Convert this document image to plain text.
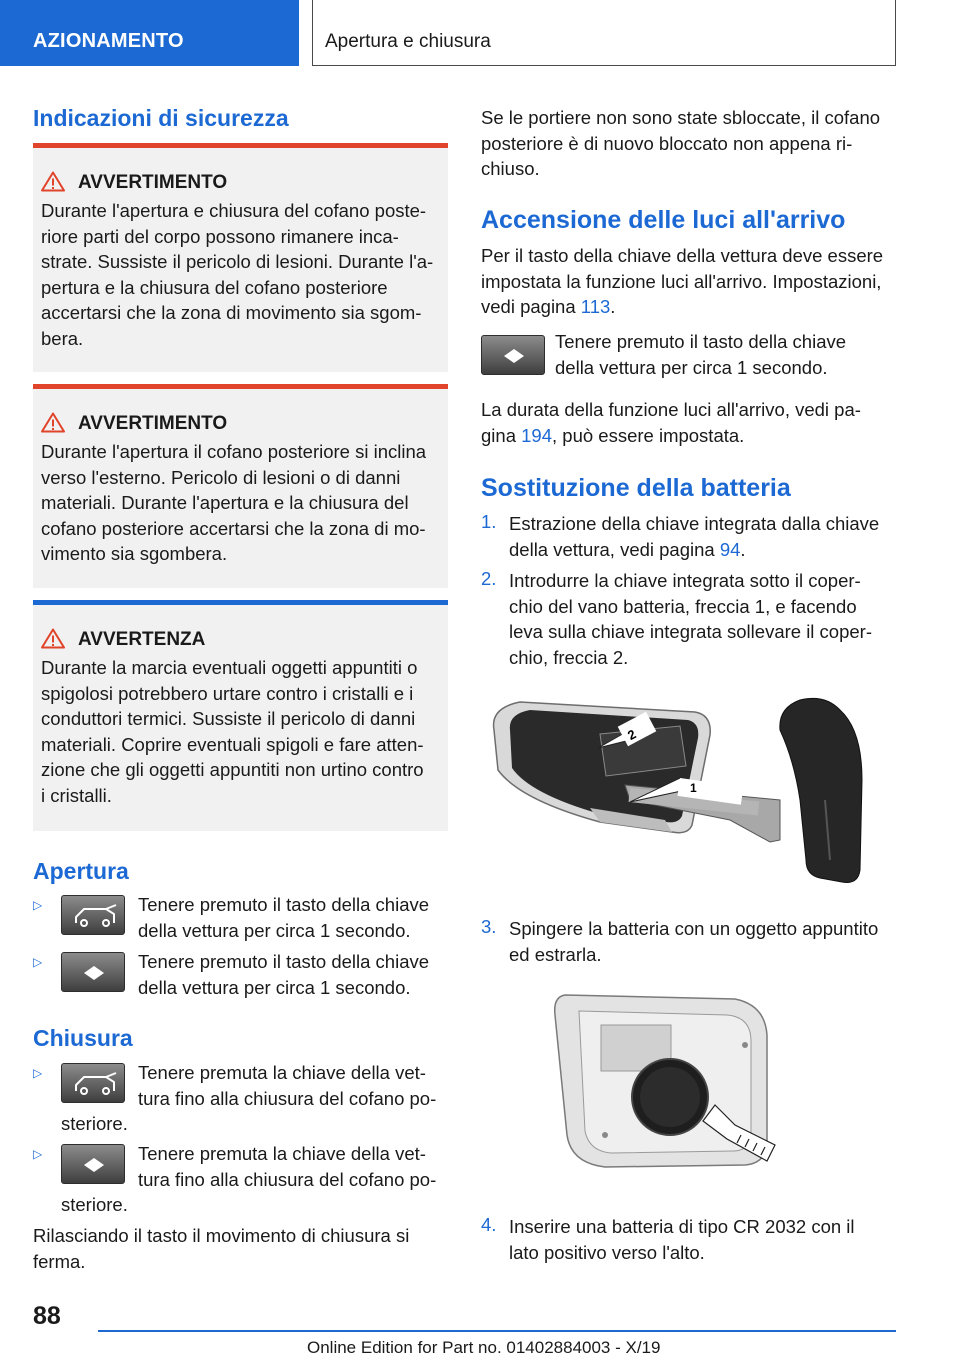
AZIONAMENTO	Apertura e chiusura
Indicazioni di sicurezza
AVVERTIMENTO
Durante l'apertura e chiusura del cofano poste-
riore parti del corpo possono rimanere inca-
strate. Sussiste il pericolo di lesioni. Durante l'a-
pertura e la chiusura del cofano posteriore
accertarsi che la zona di movimento sia sgom-
bera.
AVVERTIMENTO
Durante l'apertura il cofano posteriore si inclina
verso l'esterno. Pericolo di lesioni o di danni
materiali. Durante l'apertura e la chiusura del
cofano posteriore accertarsi che la zona di mo-
vimento sia sgombera.
AVVERTENZA
Durante la marcia eventuali oggetti appuntiti o
spigolosi potrebbero urtare contro i cristalli e i
conduttori termici. Sussiste il pericolo di danni
materiali. Coprire eventuali spigoli e fare atten-
zione che gli oggetti appuntiti non urtino contro
i cristalli.
Apertura
▷	Tenere premuto il tasto della chiave
della vettura per circa 1 secondo.
▷	Tenere premuto il tasto della chiave
della vettura per circa 1 secondo.
Chiusura
▷	Tenere premuta la chiave della vet-
tura fino alla chiusura del cofano po-
steriore.
▷	Tenere premuta la chiave della vet-
tura fino alla chiusura del cofano po-
steriore.
Rilasciando il tasto il movimento di chiusura si
ferma.
Se le portiere non sono state sbloccate, il cofano
posteriore è di nuovo bloccato non appena ri-
chiuso.
Accensione delle luci all'arrivo
Per il tasto della chiave della vettura deve essere
impostata la funzione luci all'arrivo. Impostazioni,
vedi pagina 113.
Tenere premuto il tasto della chiave
della vettura per circa 1 secondo.
La durata della funzione luci all'arrivo, vedi pa-
gina 194, può essere impostata.
Sostituzione della batteria
1. Estrazione della chiave integrata dalla chiave
della vettura, vedi pagina 94.
2. Introdurre la chiave integrata sotto il coper-
chio del vano batteria, freccia 1, e facendo
leva sulla chiave integrata sollevare il coper-
chio, freccia 2.
2
1
3. Spingere la batteria con un oggetto appuntito
ed estrarla.
4. Inserire una batteria di tipo CR 2032 con il
lato positivo verso l'alto.
88
Online Edition for Part no. 01402884003 - X/19
